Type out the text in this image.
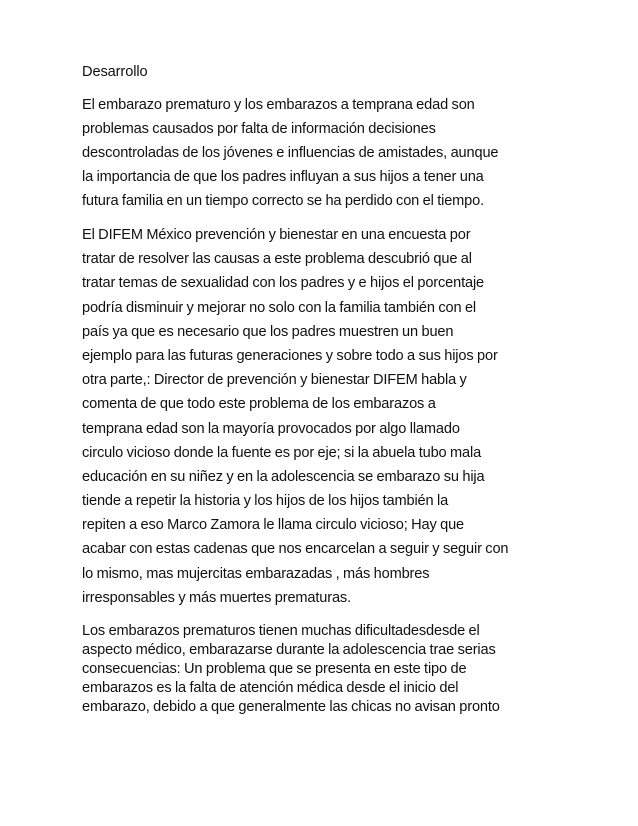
Desarrollo
El embarazo prematuro y los embarazos a temprana edad son
problemas causados por falta de información decisiones
descontroladas de los jóvenes e influencias de amistades, aunque
la importancia de que los padres influyan a sus hijos a tener una
futura familia en un tiempo correcto se ha perdido con el tiempo.
El DIFEM México prevención y bienestar en una encuesta por
tratar de resolver las causas a este problema descubrió que al
tratar temas de sexualidad con los padres y e hijos el porcentaje
podría disminuir y mejorar no solo con la familia también con el
país ya que es necesario que los padres muestren un buen
ejemplo para las futuras generaciones y sobre todo a sus hijos por
otra parte,: Director de prevención y bienestar DIFEM habla y
comenta de que todo este problema de los embarazos a
temprana edad son la mayoría provocados por algo llamado
circulo vicioso donde la fuente es por eje; si la abuela tubo mala
educación en su niñez y en la adolescencia se embarazo su hija
tiende a repetir la historia y los hijos de los hijos también la
repiten a eso Marco Zamora le llama circulo vicioso; Hay que
acabar con estas cadenas que nos encarcelan a seguir y seguir con
lo mismo, mas mujercitas embarazadas , más hombres
irresponsables y más muertes prematuras.
Los embarazos prematuros tienen muchas dificultadesdesde el
aspecto médico, embarazarse durante la adolescencia trae serias
consecuencias: Un problema que se presenta en este tipo de
embarazos es la falta de atención médica desde el inicio del
embarazo, debido a que generalmente las chicas no avisan pronto
